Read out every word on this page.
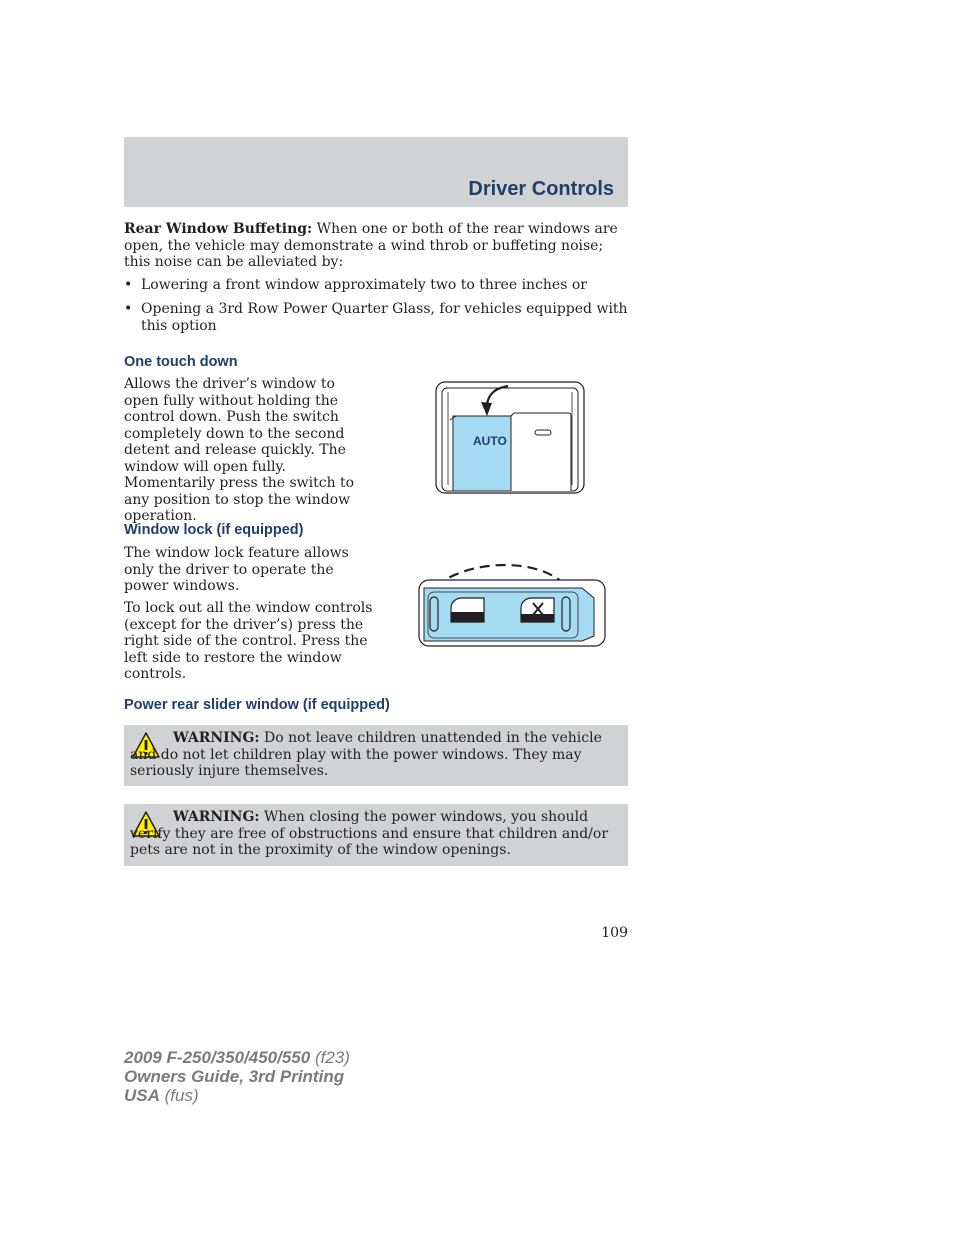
Driver Controls
Rear Window Buffeting: When one or both of the rear windows are open, the vehicle may demonstrate a wind throb or buffeting noise; this noise can be alleviated by:
• Lowering a front window approximately two to three inches or
• Opening a 3rd Row Power Quarter Glass, for vehicles equipped with this option
One touch down
Allows the driver’s window to open fully without holding the control down. Push the switch completely down to the second detent and release quickly. The window will open fully. Momentarily press the switch to any position to stop the window operation.
AUTO
Window lock (if equipped)
The window lock feature allows only the driver to operate the power windows.
To lock out all the window controls (except for the driver’s) press the right side of the control. Press the left side to restore the window controls.
Power rear slider window (if equipped)
WARNING: Do not leave children unattended in the vehicle and do not let children play with the power windows. They may seriously injure themselves.
WARNING: When closing the power windows, you should verify they are free of obstructions and ensure that children and/or pets are not in the proximity of the window openings.
109
2009 F-250/350/450/550 (f23)
Owners Guide, 3rd Printing
USA (fus)
